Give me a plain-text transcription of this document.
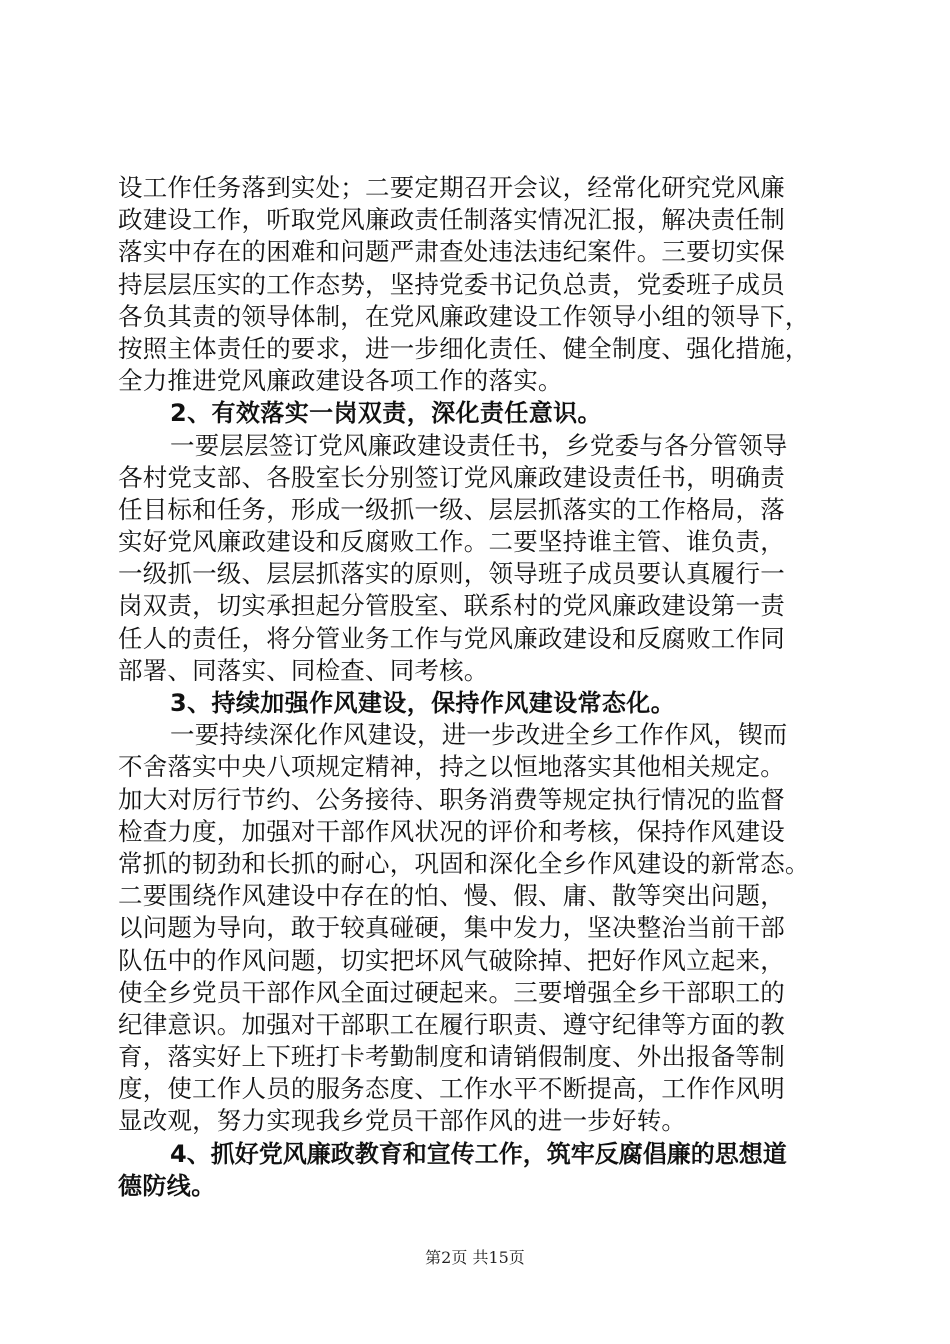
设工作任务落到实处；二要定期召开会议，经常化研究党风廉
政建设工作，听取党风廉政责任制落实情况汇报，解决责任制
落实中存在的困难和问题严肃查处违法违纪案件。三要切实保
持层层压实的工作态势，坚持党委书记负总责，党委班子成员
各负其责的领导体制，在党风廉政建设工作领导小组的领导下，
按照主体责任的要求，进一步细化责任、健全制度、强化措施，
全力推进党风廉政建设各项工作的落实。
2、有效落实一岗双责，深化责任意识。
一要层层签订党风廉政建设责任书，乡党委与各分管领导
各村党支部、各股室长分别签订党风廉政建设责任书，明确责
任目标和任务，形成一级抓一级、层层抓落实的工作格局，落
实好党风廉政建设和反腐败工作。二要坚持谁主管、谁负责，
一级抓一级、层层抓落实的原则，领导班子成员要认真履行一
岗双责，切实承担起分管股室、联系村的党风廉政建设第一责
任人的责任，将分管业务工作与党风廉政建设和反腐败工作同
部署、同落实、同检查、同考核。
3、持续加强作风建设，保持作风建设常态化。
一要持续深化作风建设，进一步改进全乡工作作风，锲而
不舍落实中央八项规定精神，持之以恒地落实其他相关规定。
加大对厉行节约、公务接待、职务消费等规定执行情况的监督
检查力度，加强对干部作风状况的评价和考核，保持作风建设
常抓的韧劲和长抓的耐心，巩固和深化全乡作风建设的新常态。
二要围绕作风建设中存在的怕、慢、假、庸、散等突出问题，
以问题为导向，敢于较真碰硬，集中发力，坚决整治当前干部
队伍中的作风问题，切实把坏风气破除掉、把好作风立起来，
使全乡党员干部作风全面过硬起来。三要增强全乡干部职工的
纪律意识。加强对干部职工在履行职责、遵守纪律等方面的教
育，落实好上下班打卡考勤制度和请销假制度、外出报备等制
度，使工作人员的服务态度、工作水平不断提高，工作作风明
显改观，努力实现我乡党员干部作风的进一步好转。
4、抓好党风廉政教育和宣传工作，筑牢反腐倡廉的思想道
德防线。
第2页 共15页
